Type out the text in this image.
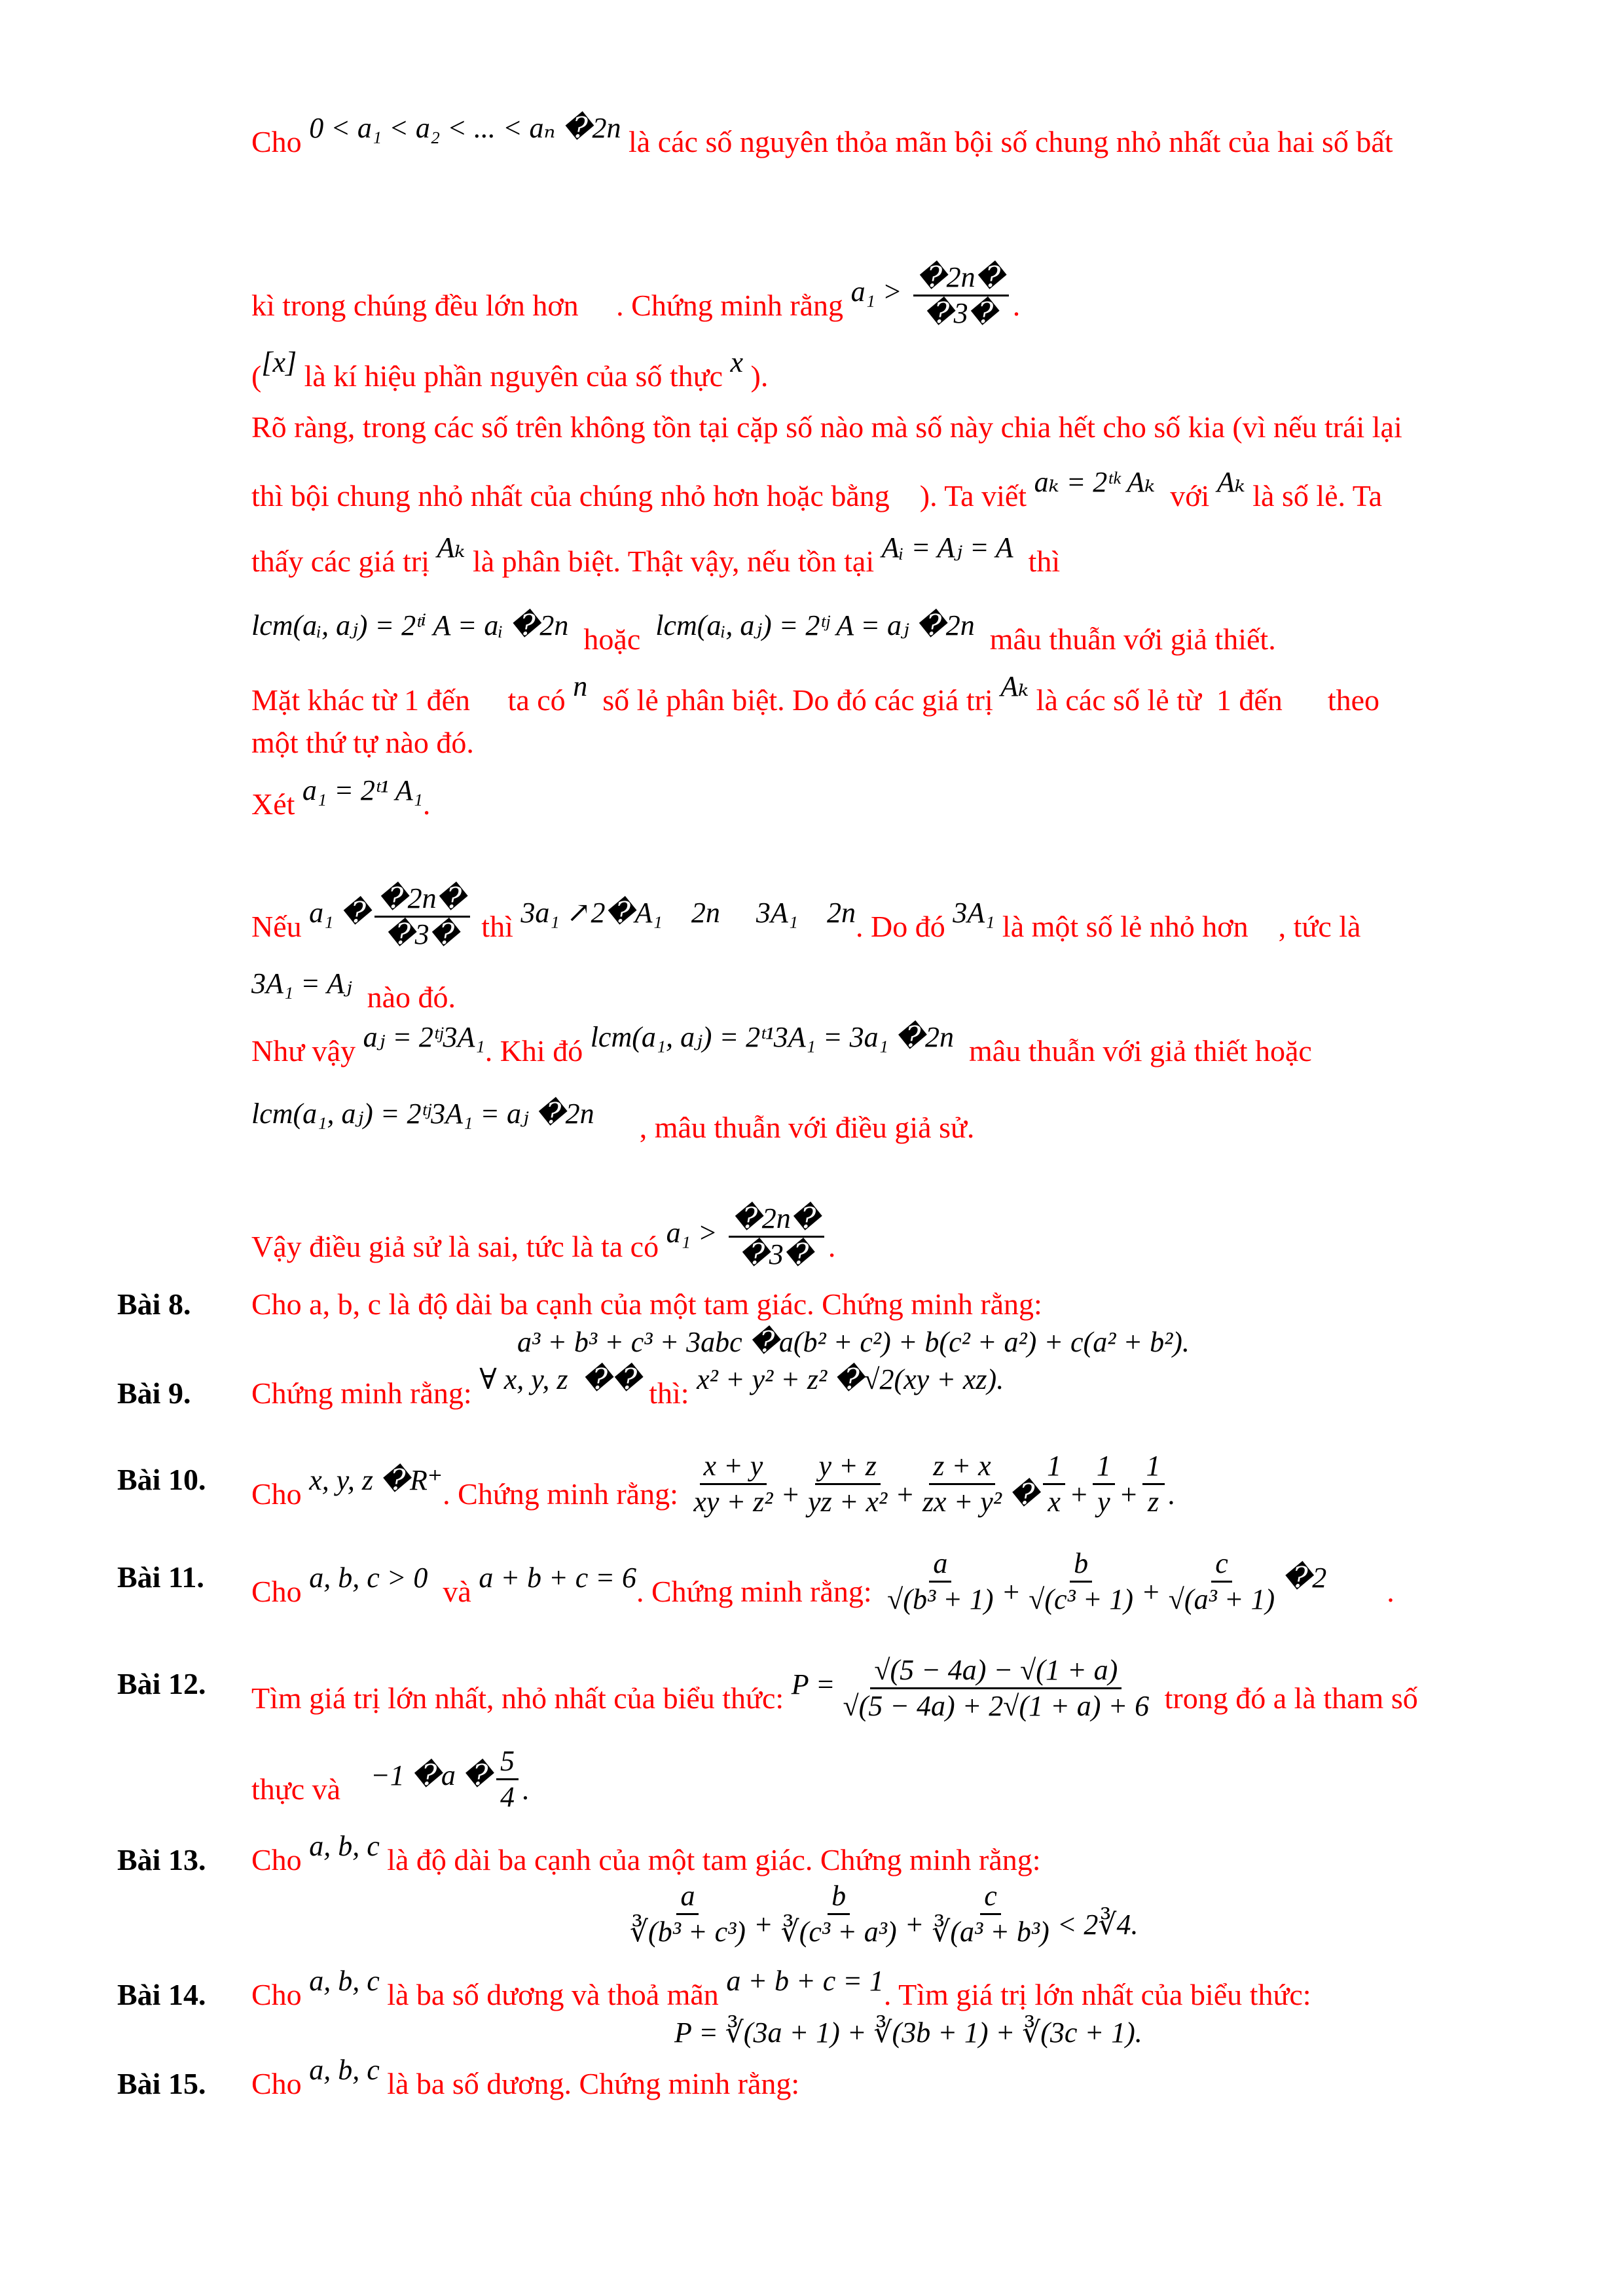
Cho 0 < a₁ < a₂ < ... < aₙ �2n là các số nguyên thỏa mãn bội số chung nhỏ nhất của hai số bất
kì trong chúng đều lớn hơn     . Chứng minh rằng $a_1 > \frac{�2n�}{�3�}$ .
([x] là kí hiệu phần nguyên của số thực x ).
Rõ ràng, trong các số trên không tồn tại cặp số nào mà số này chia hết cho số kia (vì nếu trái lại
thì bội chung nhỏ nhất của chúng nhỏ hơn hoặc bằng    ). Ta viết aₖ = 2ᵗᵏ Aₖ  với Aₖ là số lẻ. Ta
thấy các giá trị Aₖ là phân biệt. Thật vậy, nếu tồn tại Aᵢ = Aⱼ = A  thì
lcm(aᵢ, aⱼ) = 2ᵗⁱ A = aᵢ �2n  hoặc  lcm(aᵢ, aⱼ) = 2ᵗʲ A = aⱼ �2n  mâu thuẫn với giả thiết.
Mặt khác từ 1 đến     ta có n  số lẻ phân biệt. Do đó các giá trị Aₖ là các số lẻ từ  1 đến      theo
một thứ tự nào đó.
Xét a₁ = 2ᵗ¹ A₁.
Nếu a₁ � $\frac{�2n�}{�3�}$ thì 3a₁ ↗2�A₁    2n     3A₁    2n. Do đó 3A₁ là một số lẻ nhỏ hơn    , tức là
3A₁ = Aⱼ  nào đó.
Như vậy aⱼ = 2ᵗʲ3A₁. Khi đó lcm(a₁, aⱼ) = 2ᵗ¹3A₁ = 3a₁ �2n  mâu thuẫn với giả thiết hoặc
lcm(a₁, aⱼ) = 2ᵗʲ3A₁ = aⱼ �2n      , mâu thuẫn với điều giả sử.
Vậy điều giả sử là sai, tức là ta có $a_1 > \frac{�2n�}{�3�}$ .
Bài 8. Cho a, b, c là độ dài ba cạnh của một tam giác. Chứng minh rằng:
a³ + b³ + c³ + 3abc �a(b² + c²) + b(c² + a²) + c(a² + b²).
Bài 9. Chứng minh rằng: ∀ x, y, z  �� thì: x² + y² + z² �√2(xy + xz).
Bài 10. Cho x, y, z �R⁺. Chứng minh rằng: $\frac{x + y}{\text{xy + z²}} + \frac{y + z}{\text{yz + x²}} + \frac{z + x}{\text{zx + y²}}$ � $\frac{1}{x} + \frac{1}{y} + \frac{1}{z}$ .
Bài 11. Cho a, b, c > 0  và a + b + c = 6. Chứng minh rằng: $\frac{a}{\text{√(b³ + 1)}} + \frac{b}{\text{√(c³ + 1)}} + \frac{c}{\text{√(a³ + 1)}}$ �2        .
Bài 12. Tìm giá trị lớn nhất, nhỏ nhất của biểu thức: $P = \frac{√(5 - 4a) - √(1 + a)}{√(5 - 4a) + 2√(1 + a) + 6}$ trong đó a là tham số
thực và    −1 �a � $\frac{5}{4}$ .
Bài 13. Cho a, b, c là độ dài ba cạnh của một tam giác. Chứng minh rằng:
$\frac{a}{\text{∛(b³ + c³)}} + \frac{b}{\text{∛(c³ + a³)}} + \frac{c}{\text{∛(a³ + b³)}}$ < 2∛4.
Bài 14. Cho a, b, c là ba số dương và thoả mãn a + b + c = 1. Tìm giá trị lớn nhất của biểu thức:
P = ∛(3a + 1) + ∛(3b + 1) + ∛(3c + 1).
Bài 15. Cho a, b, c là ba số dương. Chứng minh rằng:
